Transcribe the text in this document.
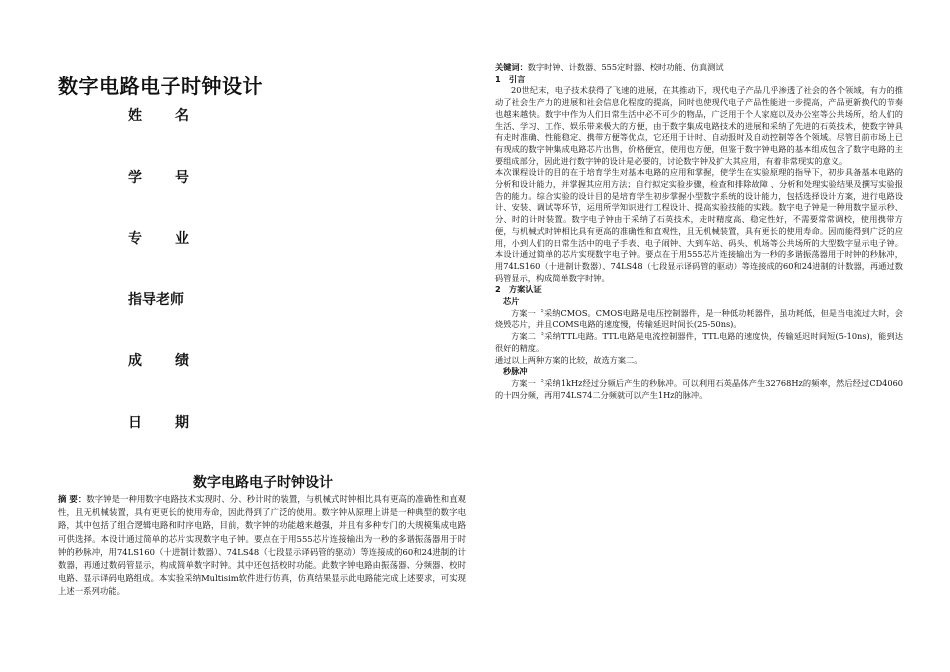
数字电路电子时钟设计
姓名
学号
专业
指导老师
成绩
日期
数字电路电子时钟设计
摘 要：数字钟是一种用数字电路技术实现时、分、秒计时的装置，与机械式时钟相比具有更高的准确性和直观性，且无机械装置，具有更更长的使用寿命，因此得到了广泛的使用。数字钟从原理上讲是一种典型的数字电路，其中包括了组合逻辑电路和时序电路，目前，数字钟的功能越来越强，并且有多种专门的大规模集成电路可供选择。本设计通过简单的芯片实现数字电子钟。要点在于用555芯片连接输出为一秒的多谐振荡器用于时钟的秒脉冲，用74LS160（十进制计数器）、74LS48（七段显示译码管的驱动）等连接成的60和24进制的计数器，再通过数码管显示，构成简单数字时钟。其中还包括校时功能。此数字钟电路由振荡器、分频器、校时电路、显示译码电路组成。本实验采纳Multisim软件进行仿真，仿真结果显示此电路能完成上述要求，可实现上述一系列功能。

关键词：数字时钟、计数器、555定时器、校时功能、仿真测试

1　引言

20世纪末，电子技术获得了飞速的进展，在其推动下，现代电子产品几乎渗透了社会的各个领域，有力的推动了社会生产力的进展和社会信息化程度的提高，同时也使现代电子产品性能进一步提高，产品更新换代的节奏也越来越快。数字中作为人们日常生活中必不可少的物品，广泛用于个人家庭以及办公室等公共场所，给人们的生活、学习、工作、娱乐带来极大的方便，由于数字集成电路技术的进展和采纳了先进的石英技术，使数字钟具有走时准确、性能稳定、携带方便等优点，它还用于计时、自动报时及自动控制等各个领域。尽管目前市场上已有现成的数字钟集成电路芯片出售，价格便宜，使用也方便，但鉴于数字钟电路的基本组成包含了数字电路的主要组成部分，因此进行数字钟的设计是必要的，讨论数字钟及扩大其应用，有着非常现实的意义。

本次课程设计的目的在于培育学生对基本电路的应用和掌握，使学生在实验原理的指导下，初步具备基本电路的分析和设计能力，并掌握其应用方法；自行拟定实验步骤，检查和排除故障 、分析和处理实验结果及撰写实验报告的能力。综合实验的设计目的是培育学生初步掌握小型数字系统的设计能力，包括选择设计方案，进行电路设计、安装、调试等环节，运用所学知识进行工程设计、提高实验技能的实践。数字电子钟是一种用数字显示秒、分、时的计时装置。数字电子钟由于采纳了石英技术，走时精度高、稳定性好，不需要常常调校，使用携带方便，与机械式时钟相比具有更高的准确性和直观性，且无机械装置，具有更长的使用寿命。因而能得到广泛的应用，小到人们的日常生活中的电子手表、电子闹钟、大到车站、码头、机场等公共场所的大型数字显示电子钟。本设计通过简单的芯片实现数字电子钟。要点在于用555芯片连接输出为一秒的多谐振荡器用于时钟的秒脉冲，用74LS160（十进制计数器）、74LS48（七段显示译码管的驱动）等连接成的60和24进制的计数器，再通过数码管显示，构成简单数字时钟。

2　方案认证

芯片

方案一〝采纳CMOS。CMOS电路是电压控制器件，是一种低功耗器件，虽功耗低，但是当电流过大时，会烧毁芯片，并且COMS电路的速度慢，传输延迟时间长(25-50ns)。

方案二〝采纳TTL电路。TTL电路是电流控制器件，TTL电路的速度快，传输延迟时间短(5-10ns)，能到达很好的精度。

通过以上两种方案的比较，故选方案二。

秒脉冲

方案一〝采纳1kHz经过分频后产生的秒脉冲。可以利用石英晶体产生32768Hz的频率，然后经过CD4060的十四分频，再用74LS74二分频就可以产生1Hz的脉冲。
